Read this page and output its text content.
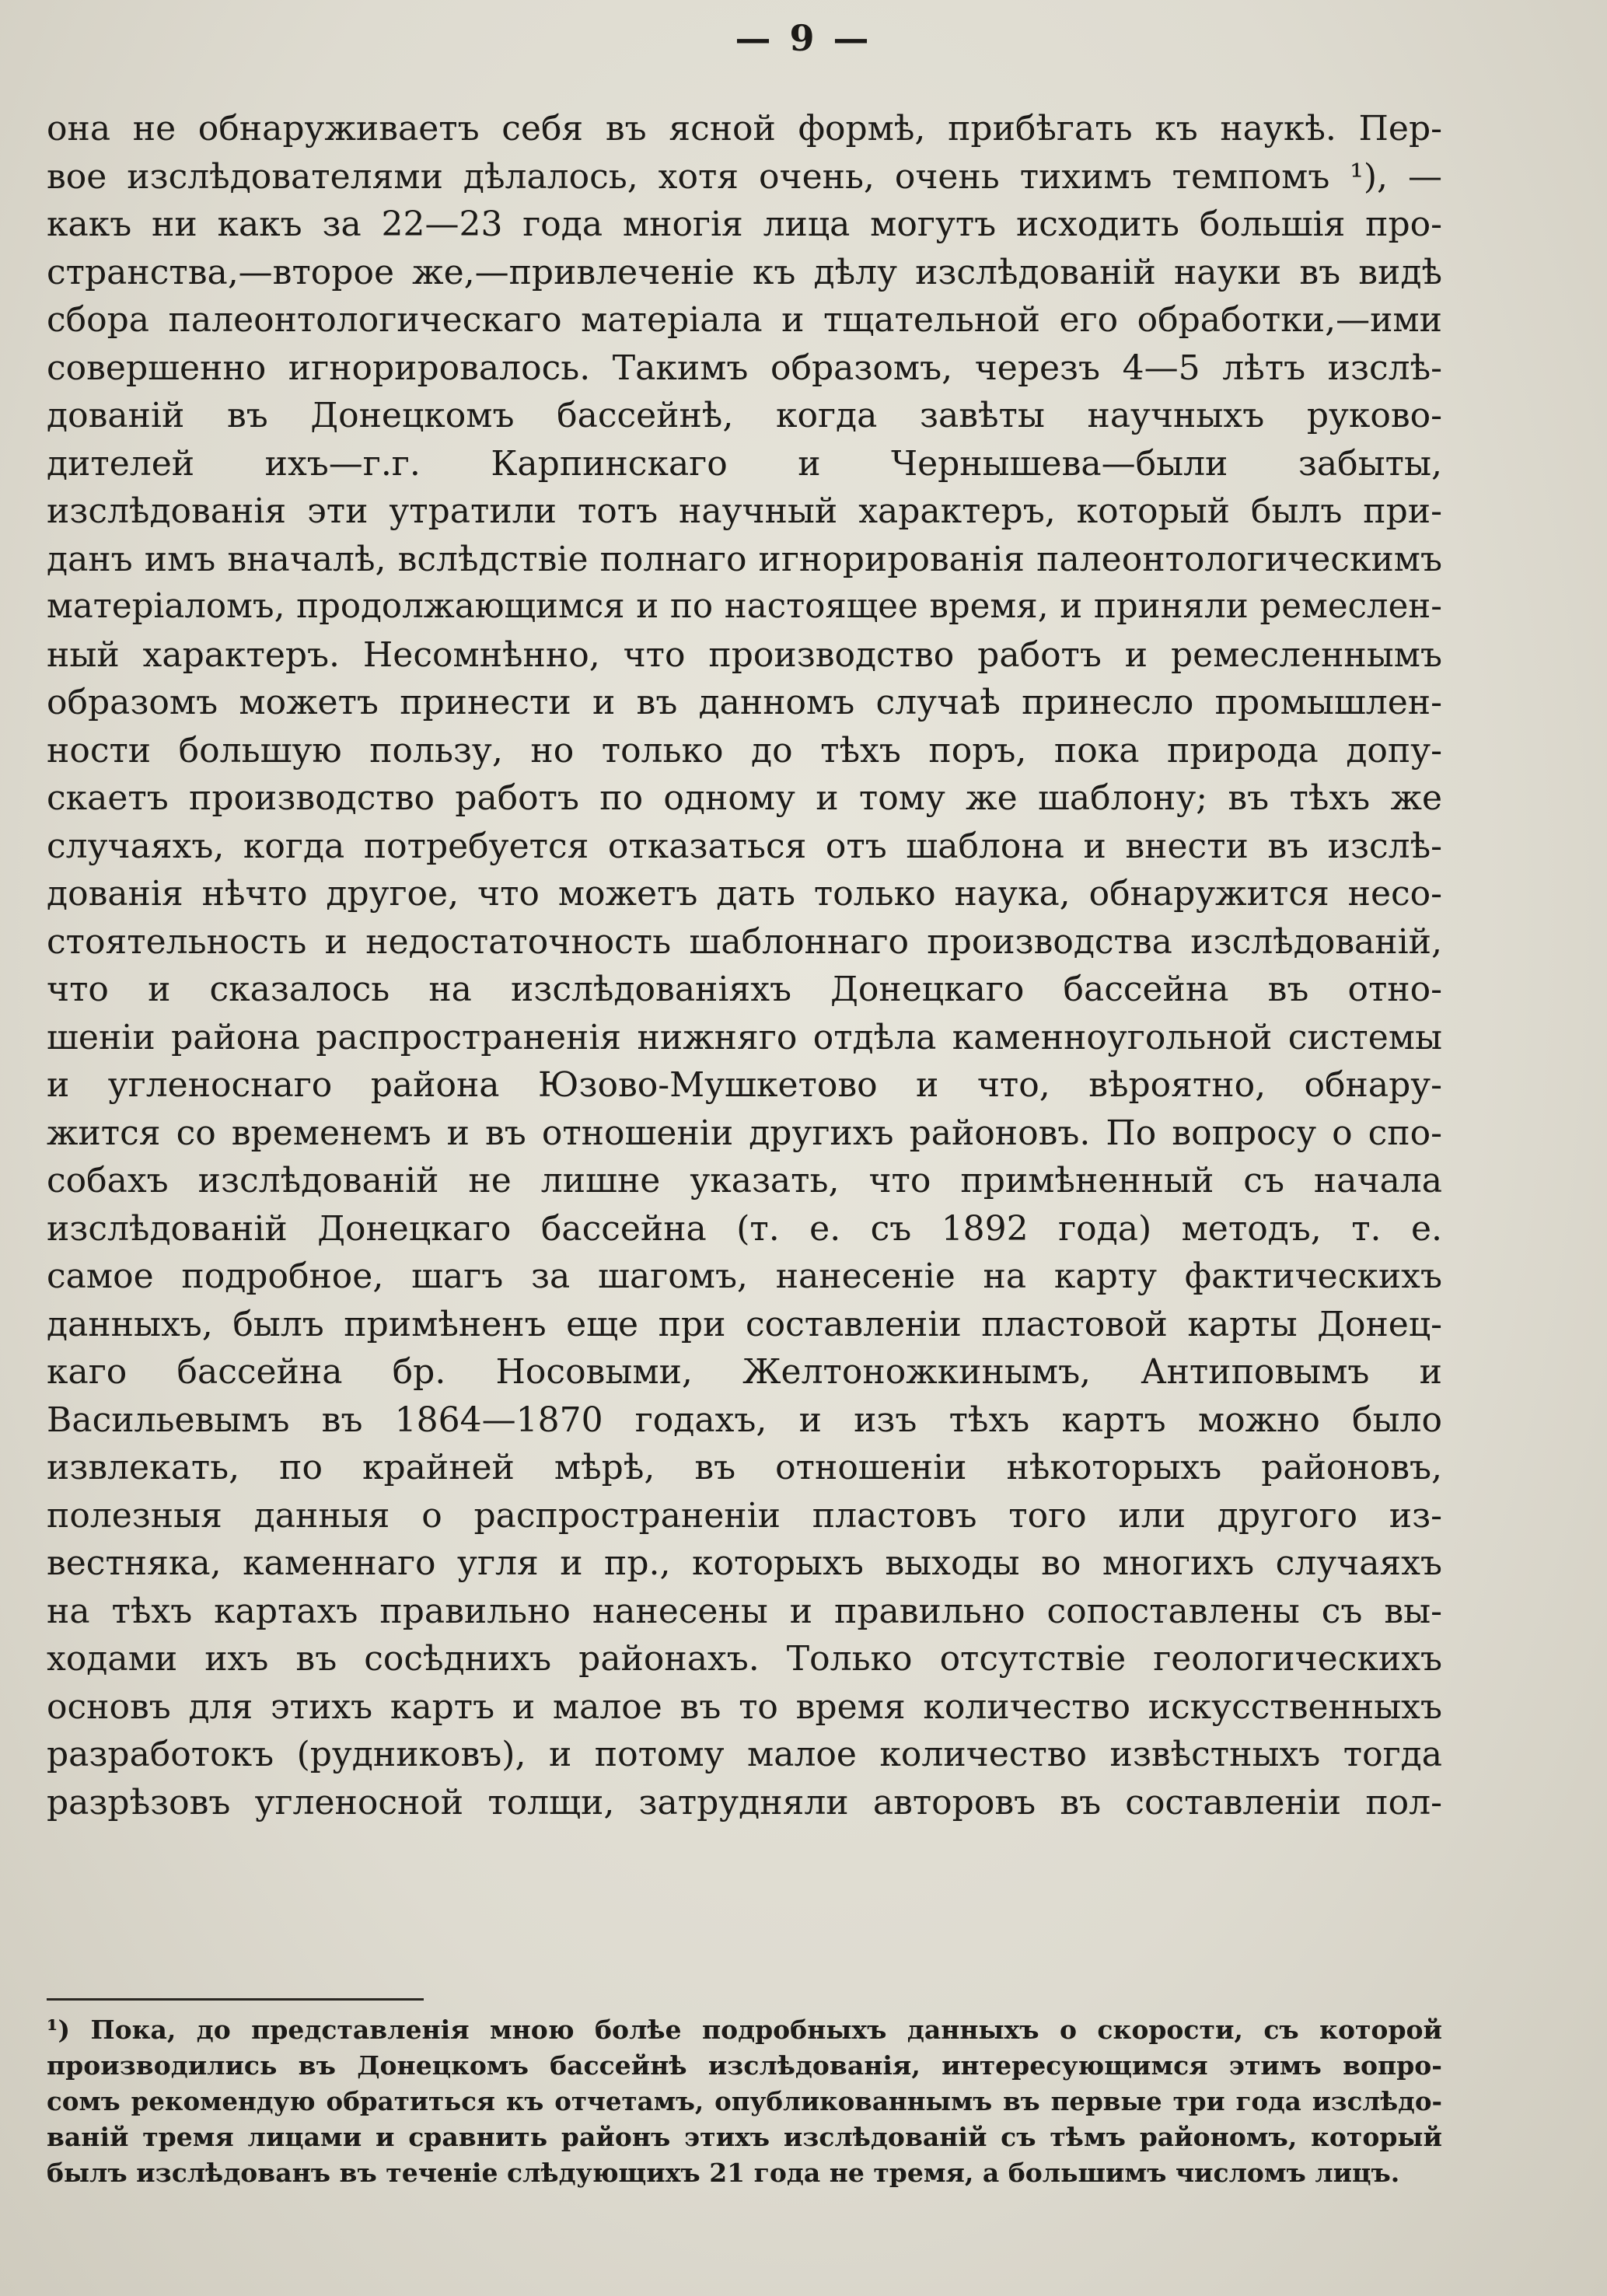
— 9 —
она не обнаруживаетъ себя въ ясной формѣ, прибѣгать къ наукѣ. Пер-
вое изслѣдователями дѣлалось, хотя очень, очень тихимъ темпомъ ¹), —
какъ ни какъ за 22—23 года многія лица могутъ исходить большія про-
странства,—второе же,—привлеченіе къ дѣлу изслѣдованій науки въ видѣ
сбора палеонтологическаго матеріала и тщательной его обработки,—ими
совершенно игнорировалось. Такимъ образомъ, черезъ 4—5 лѣтъ изслѣ-
дованій въ Донецкомъ бассейнѣ, когда завѣты научныхъ руково-
дителей ихъ—г.г. Карпинскаго и Чернышева—были забыты,
изслѣдованія эти утратили тотъ научный характеръ, который былъ при-
данъ имъ вначалѣ, вслѣдствіе полнаго игнорированія палеонтологическимъ
матеріаломъ, продолжающимся и по настоящее время, и приняли ремеслен-
ный характеръ. Несомнѣнно, что производство работъ и ремесленнымъ
образомъ можетъ принести и въ данномъ случаѣ принесло промышлен-
ности большую пользу, но только до тѣхъ поръ, пока природа допу-
скаетъ производство работъ по одному и тому же шаблону; въ тѣхъ же
случаяхъ, когда потребуется отказаться отъ шаблона и внести въ изслѣ-
дованія нѣчто другое, что можетъ дать только наука, обнаружится несо-
стоятельность и недостаточность шаблоннаго производства изслѣдованій,
что и сказалось на изслѣдованіяхъ Донецкаго бассейна въ отно-
шеніи района распространенія нижняго отдѣла каменноугольной системы
и угленоснаго района Юзово-Мушкетово и что, вѣроятно, обнару-
жится со временемъ и въ отношеніи другихъ районовъ. По вопросу о спо-
собахъ изслѣдованій не лишне указать, что примѣненный съ начала
изслѣдованій Донецкаго бассейна (т. е. съ 1892 года) методъ, т. е.
самое подробное, шагъ за шагомъ, нанесеніе на карту фактическихъ
данныхъ, былъ примѣненъ еще при составленіи пластовой карты Донец-
каго бассейна бр. Носовыми, Желтоножкинымъ, Антиповымъ и
Васильевымъ въ 1864—1870 годахъ, и изъ тѣхъ картъ можно было
извлекать, по крайней мѣрѣ, въ отношеніи нѣкоторыхъ районовъ,
полезныя данныя о распространеніи пластовъ того или другого из-
вестняка, каменнаго угля и пр., которыхъ выходы во многихъ случаяхъ
на тѣхъ картахъ правильно нанесены и правильно сопоставлены съ вы-
ходами ихъ въ сосѣднихъ районахъ. Только отсутствіе геологическихъ
основъ для этихъ картъ и малое въ то время количество искусственныхъ
разработокъ (рудниковъ), и потому малое количество извѣстныхъ тогда
разрѣзовъ угленосной толщи, затрудняли авторовъ въ составленіи пол-
¹) Пока, до представленія мною болѣе подробныхъ данныхъ о скорости, съ которой
производились въ Донецкомъ бассейнѣ изслѣдованія, интересующимся этимъ вопро-
сомъ рекомендую обратиться къ отчетамъ, опубликованнымъ въ первые три года изслѣдо-
ваній тремя лицами и сравнить районъ этихъ изслѣдованій съ тѣмъ райономъ, который
былъ изслѣдованъ въ теченіе слѣдующихъ 21 года не тремя, а большимъ числомъ лицъ.
